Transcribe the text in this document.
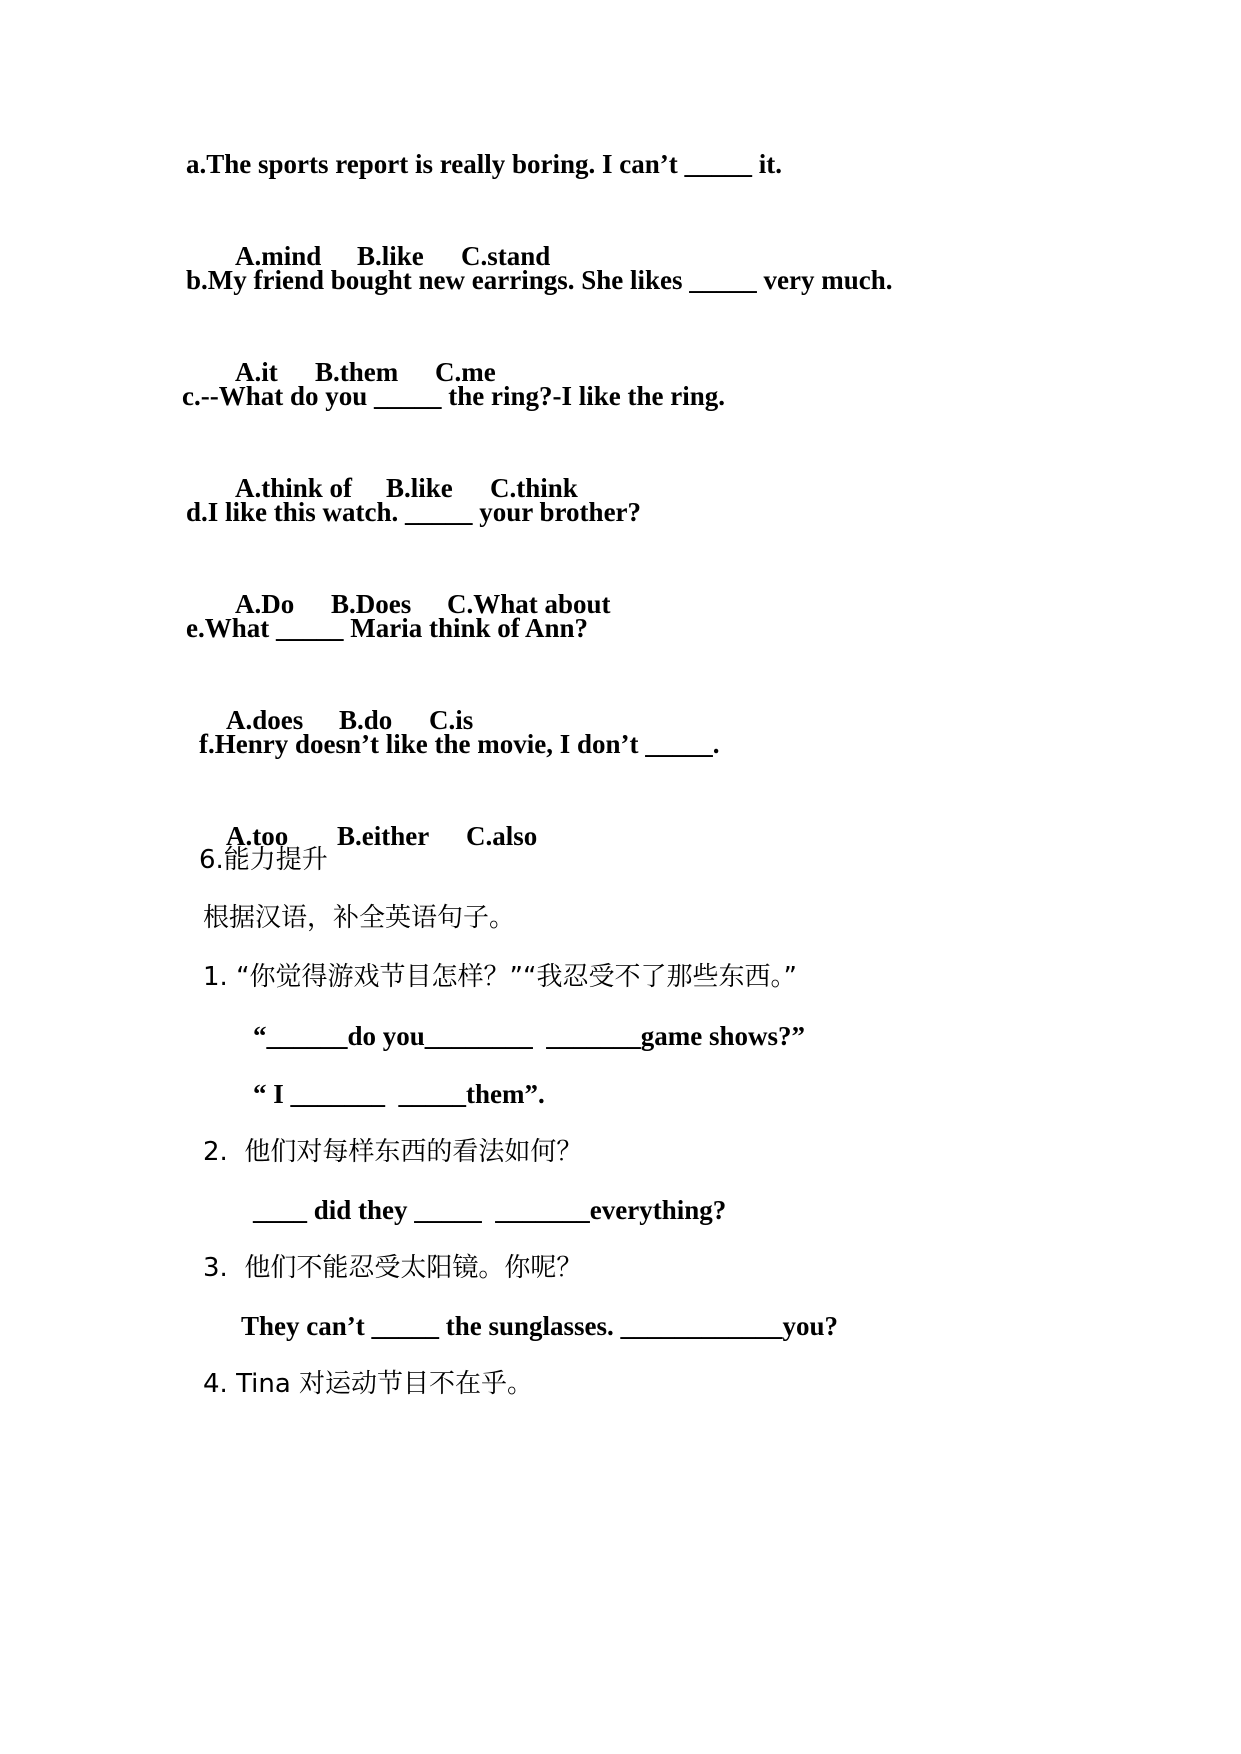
a.The sports report is really boring. I can’t _____ it.

A.mind B.like C.stand

b.My friend bought new earrings. She likes _____ very much.

A.it B.them C.me

c.--What do you _____ the ring?-I like the ring.

A.think of B.like C.think

d.I like this watch. _____ your brother?

A.Do B.Does C.What about

e.What _____ Maria think of Ann?

A.does B.do C.is

f.Henry doesn’t like the movie, I don’t _____.

A.too B.either C.also

6.能力提升

根据汉语，补全英语句子。

1. “你觉得游戏节目怎样？”“我忍受不了那些东西。”

“______do you________  _______game shows?”

“ I _______  _____them”.

2.  他们对每样东西的看法如何？

____ did they _____  _______everything?

3.  他们不能忍受太阳镜。你呢？

They can’t _____ the sunglasses. ____________you?

4. Tina 对运动节目不在乎。
